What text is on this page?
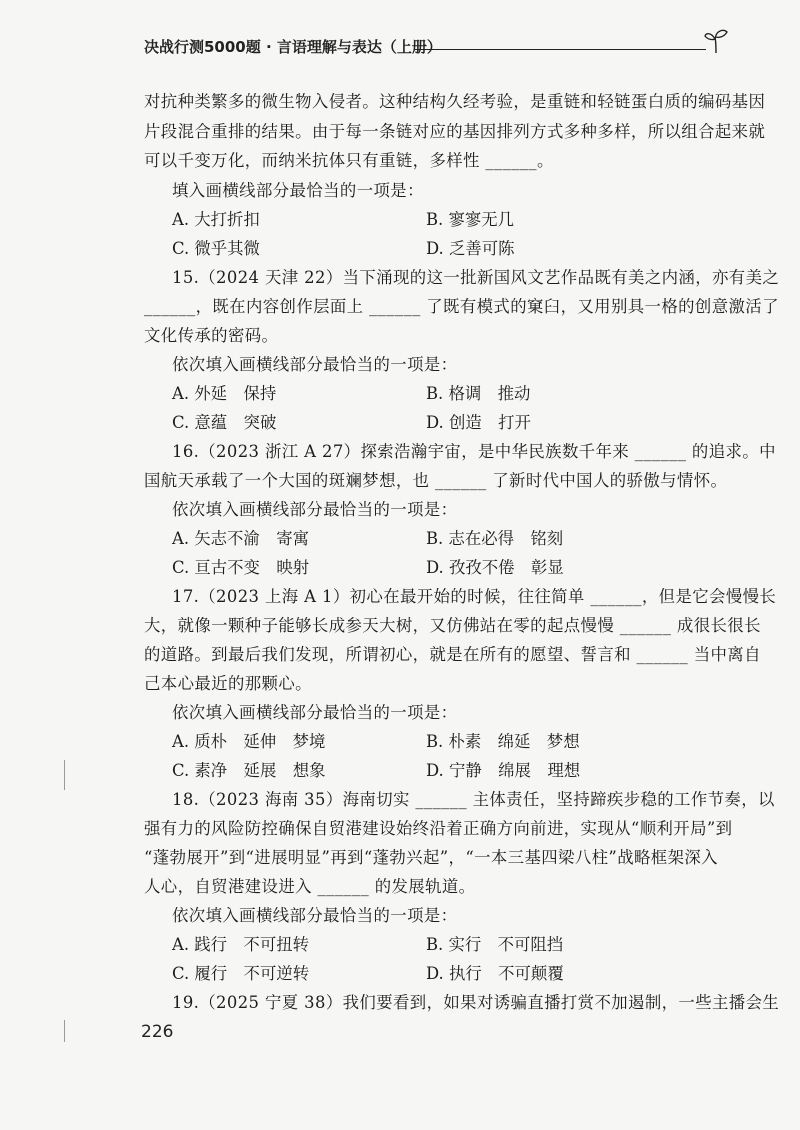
决战行测5000题 · 言语理解与表达（上册）
对抗种类繁多的微生物入侵者。这种结构久经考验，是重链和轻链蛋白质的编码基因
片段混合重排的结果。由于每一条链对应的基因排列方式多种多样，所以组合起来就
可以千变万化，而纳米抗体只有重链，多样性 ______。
填入画横线部分最恰当的一项是：
A. 大打折扣	B. 寥寥无几
C. 微乎其微	D. 乏善可陈
15.（2024 天津 22）当下涌现的这一批新国风文艺作品既有美之内涵，亦有美之
______，既在内容创作层面上 ______ 了既有模式的窠臼，又用别具一格的创意激活了
文化传承的密码。
依次填入画横线部分最恰当的一项是：
A. 外延　保持	B. 格调　推动
C. 意蕴　突破	D. 创造　打开
16.（2023 浙江 A 27）探索浩瀚宇宙，是中华民族数千年来 ______ 的追求。中
国航天承载了一个大国的斑斓梦想，也 ______ 了新时代中国人的骄傲与情怀。
依次填入画横线部分最恰当的一项是：
A. 矢志不渝　寄寓	B. 志在必得　铭刻
C. 亘古不变　映射	D. 孜孜不倦　彰显
17.（2023 上海 A 1）初心在最开始的时候，往往简单 ______，但是它会慢慢长
大，就像一颗种子能够长成参天大树，又仿佛站在零的起点慢慢 ______ 成很长很长
的道路。到最后我们发现，所谓初心，就是在所有的愿望、誓言和 ______ 当中离自
己本心最近的那颗心。
依次填入画横线部分最恰当的一项是：
A. 质朴　延伸　梦境	B. 朴素　绵延　梦想
C. 素净　延展　想象	D. 宁静　绵展　理想
18.（2023 海南 35）海南切实 ______ 主体责任，坚持蹄疾步稳的工作节奏，以
强有力的风险防控确保自贸港建设始终沿着正确方向前进，实现从“顺利开局”到
“蓬勃展开”到“进展明显”再到“蓬勃兴起”，“一本三基四梁八柱”战略框架深入
人心，自贸港建设进入 ______ 的发展轨道。
依次填入画横线部分最恰当的一项是：
A. 践行　不可扭转	B. 实行　不可阻挡
C. 履行　不可逆转	D. 执行　不可颠覆
19.（2025 宁夏 38）我们要看到，如果对诱骗直播打赏不加遏制，一些主播会生
226
